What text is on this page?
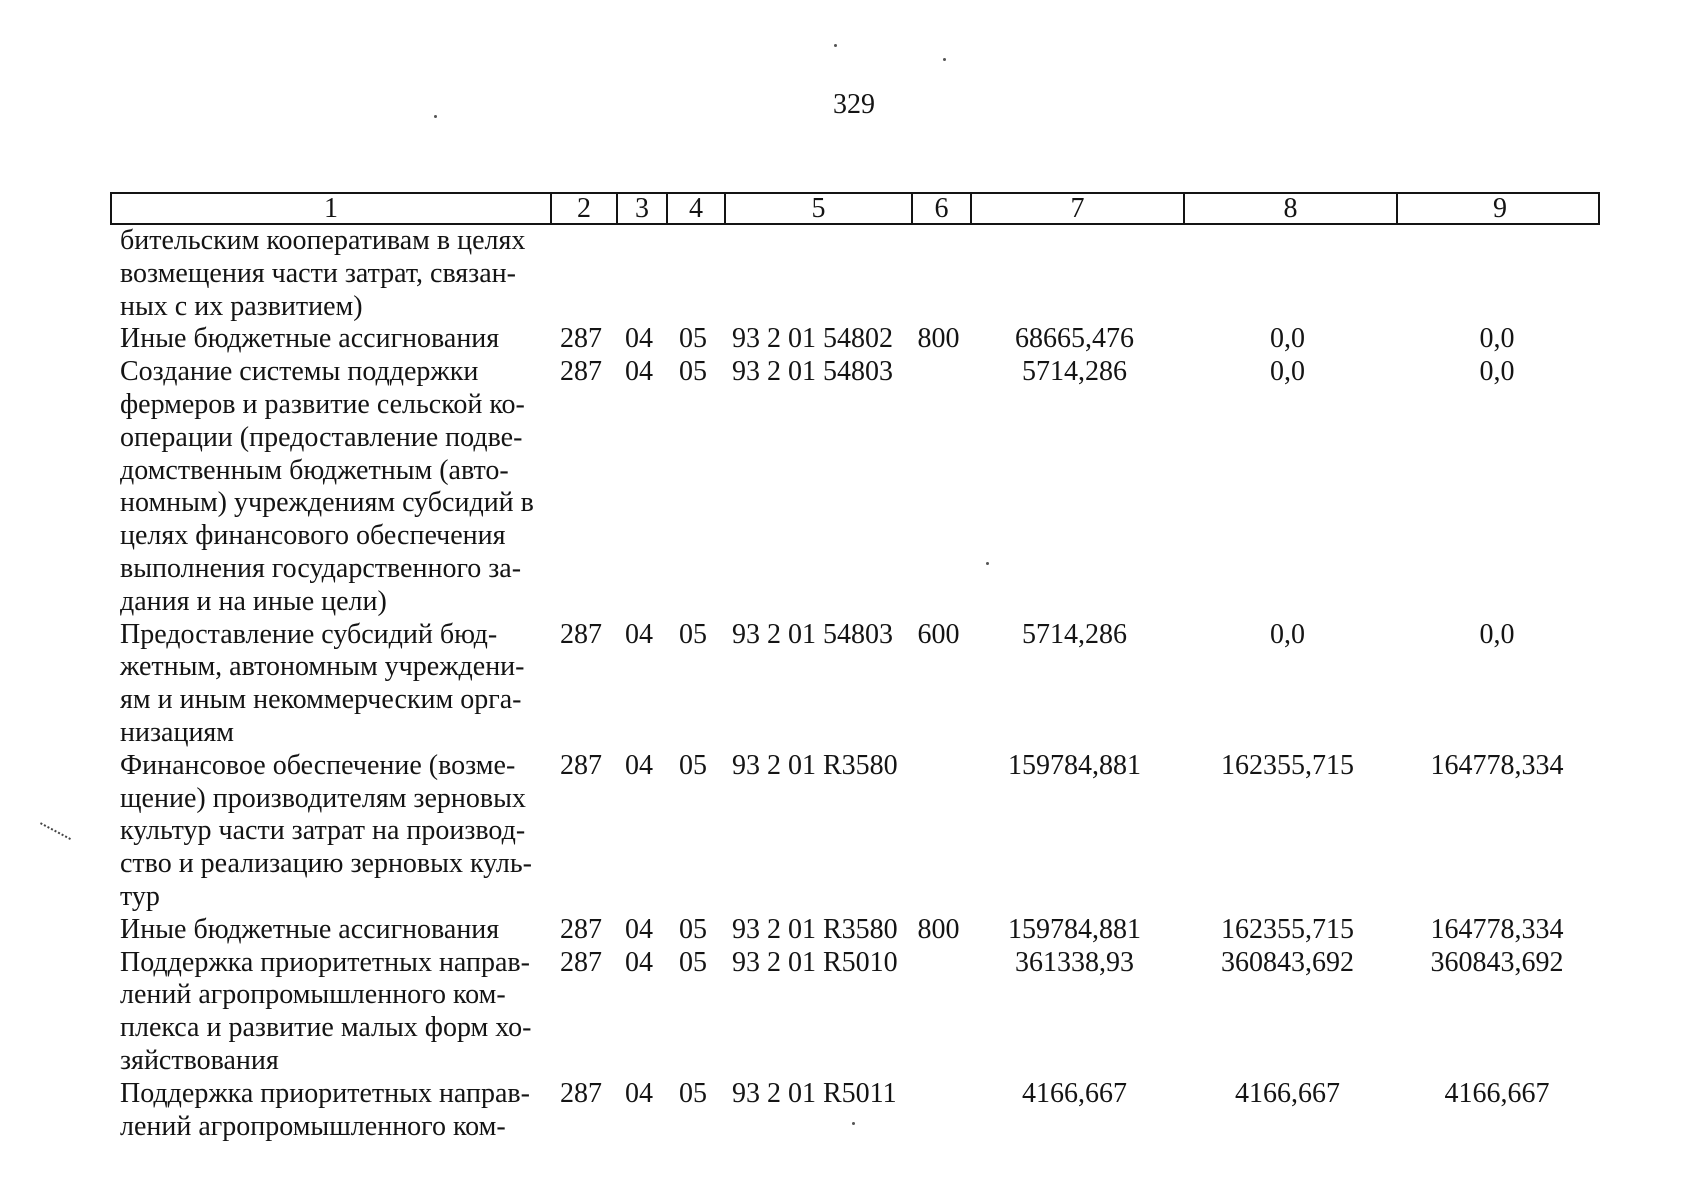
329
1	2	3	4	5	6	7	8	9
бительским кооперативам в целях
возмещения части затрат, связан-
ных с их развитием)
Иные бюджетные ассигнования	287 04 05 93 2 01 54802 800	68665,476	0,0	0,0
Создание системы поддержки
фермеров и развитие сельской ко-
операции (предоставление подве-
домственным бюджетным (авто-
номным) учреждениям субсидий в
целях финансового обеспечения
выполнения государственного за-
дания и на иные цели)
287 04 05 93 2 01 54803	5714,286	0,0	0,0
Предоставление субсидий бюд-
жетным, автономным учреждени-
ям и иным некоммерческим орга-
низациям
287 04 05 93 2 01 54803 600	5714,286	0,0	0,0
Финансовое обеспечение (возме-
щение) производителям зерновых
культур части затрат на производ-
ство и реализацию зерновых куль-
тур
287 04 05 93 2 01 R3580	159784,881	162355,715	164778,334
Иные бюджетные ассигнования	287 04 05 93 2 01 R3580 800	159784,881	162355,715	164778,334
Поддержка приоритетных направ-
лений агропромышленного ком-
плекса и развитие малых форм хо-
зяйствования
287 04 05 93 2 01 R5010	361338,93	360843,692	360843,692
Поддержка приоритетных направ-
лений агропромышленного ком-
287 04 05 93 2 01 R5011	4166,667	4166,667	4166,667
